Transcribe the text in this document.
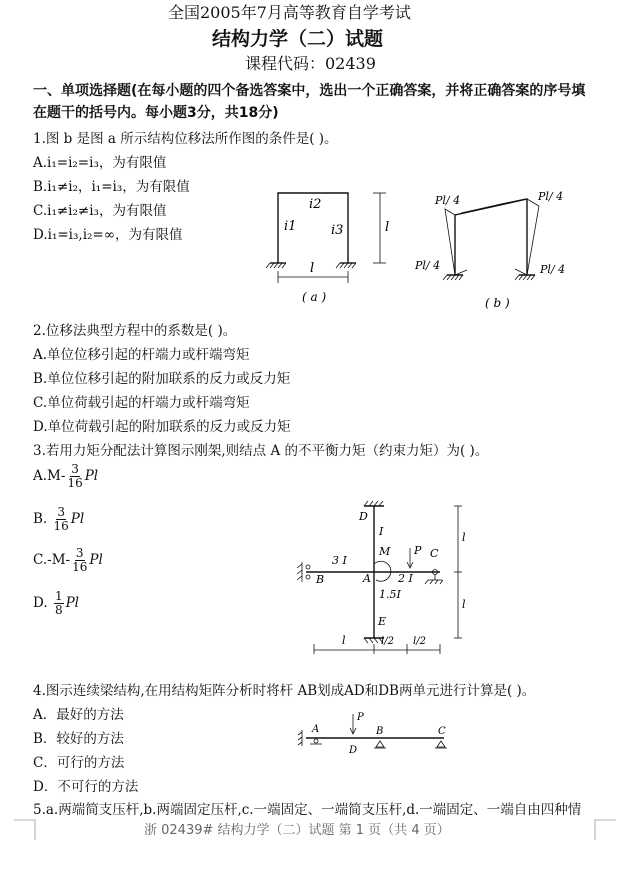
全国2005年7月高等教育自学考试
结构力学（二）试题
课程代码：02439
一、单项选择题(在每小题的四个备选答案中，选出一个正确答案，并将正确答案的序号填
在题干的括号内。每小题3分，共18分)
1.图 b 是图 a 所示结构位移法所作图的条件是( )。
A.i₁=i₂=i₃，为有限值
B.i₁≠i₂，i₁=i₃，为有限值
C.i₁≠i₂≠i₃，为有限值
D.i₁=i₃,i₂=∞，为有限值
i2
i1	i3	l
l
( a )
Pl/ 4	Pl/ 4
Pl/ 4	Pl/ 4
( b )
2.位移法典型方程中的系数是( )。
A.单位位移引起的杆端力或杆端弯矩
B.单位位移引起的附加联系的反力或反力矩
C.单位荷载引起的杆端力或杆端弯矩
D.单位荷载引起的附加联系的反力或反力矩
3.若用力矩分配法计算图示刚架,则结点 A 的不平衡力矩（约束力矩）为( )。
$A.M- \frac{3}{16}$ Pl
B. $\frac{3}{16}$ Pl
$C.-M- \frac{3}{16}$ Pl
D. $\frac{1}{8}$ Pl
D
I
M P C
3 I
A
B	2 I
1.5I
E
l
l
l	l/2 l/2
4.图示连续梁结构,在用结构矩阵分析时将杆 AB划成AD和DB两单元进行计算是( )。
A．最好的方法
B．较好的方法
C．可行的方法
D．不可行的方法
A
P
D
B	C
5.a.两端简支压杆,b.两端固定压杆,c.一端固定、一端简支压杆,d.一端固定、一端自由四种情
浙 02439# 结构力学（二）试题 第 1 页（共 4 页）
